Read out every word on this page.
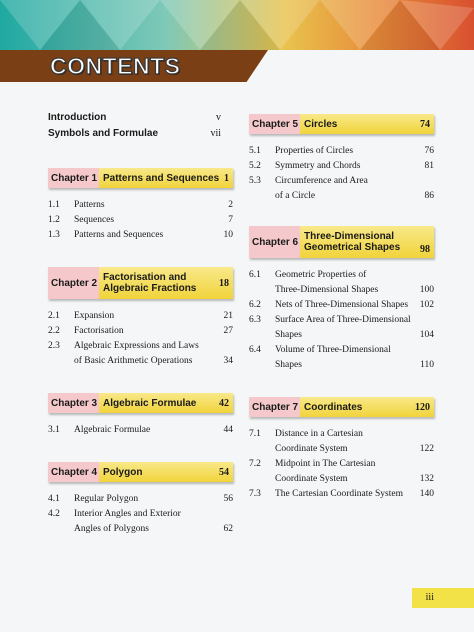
CONTENTS
Introduction	v
Symbols and Formulae	vii
Chapter 1 Patterns and Sequences 1
1.1	Patterns	2
1.2	Sequences	7
1.3	Patterns and Sequences	10
Chapter 2 Factorisation and
Algebraic Fractions 18
2.1	Expansion	21
2.2	Factorisation	27
2.3	Algebraic Expressions and Laws
of Basic Arithmetic Operations	34
Chapter 3 Algebraic Formulae 42
3.1	Algebraic Formulae	44
Chapter 4 Polygon	54
4.1	Regular Polygon	56
4.2	Interior Angles and Exterior
Angles of Polygons	62
Chapter 5 Circles	74
5.1	Properties of Circles	76
5.2	Symmetry and Chords	81
5.3	Circumference and Area
of a Circle	86
Chapter 6 Three-Dimensional
Geometrical Shapes 98
6.1	Geometric Properties of
Three-Dimensional Shapes	100
6.2	Nets of Three-Dimensional Shapes	102
6.3	Surface Area of Three-Dimensional
Shapes	104
6.4	Volume of Three-Dimensional
Shapes	110
Chapter 7 Coordinates	120
7.1	Distance in a Cartesian
Coordinate System	122
7.2	Midpoint in The Cartesian
Coordinate System	132
7.3	The Cartesian Coordinate System	140
iii
